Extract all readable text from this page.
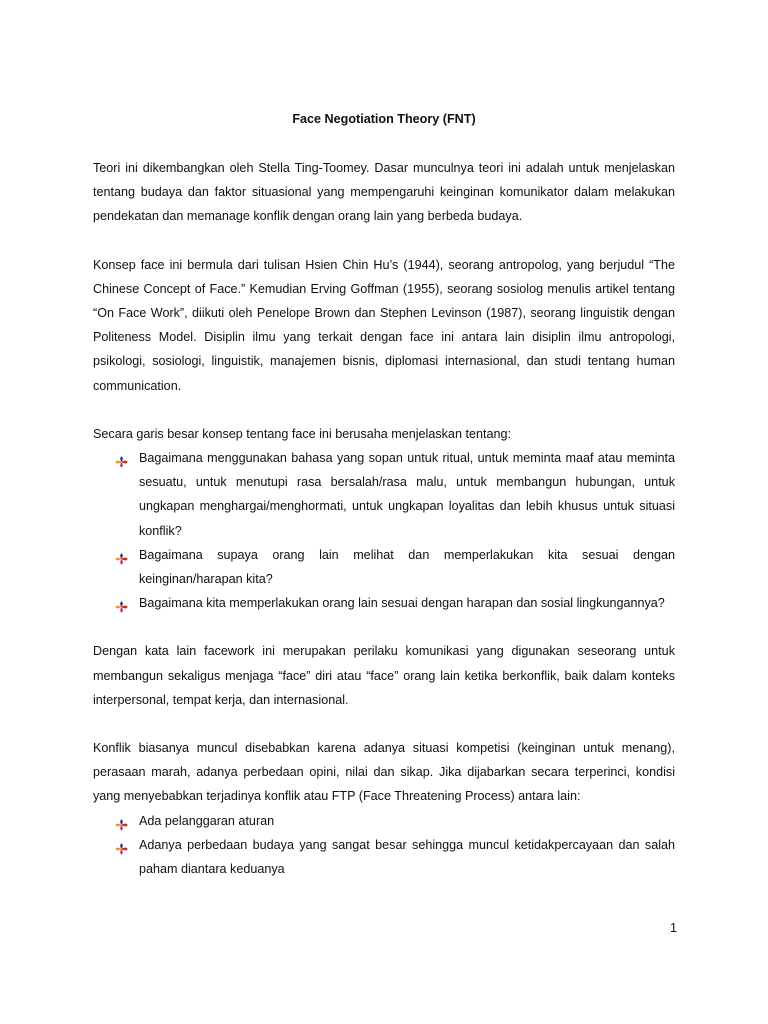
Face Negotiation Theory (FNT)

Teori ini dikembangkan oleh Stella Ting-Toomey. Dasar munculnya teori ini adalah untuk menjelaskan tentang budaya dan faktor situasional yang mempengaruhi keinginan komunikator dalam melakukan pendekatan dan memanage konflik dengan orang lain yang berbeda budaya.

Konsep face ini bermula dari tulisan Hsien Chin Hu’s (1944), seorang antropolog, yang berjudul “The Chinese Concept of Face.” Kemudian Erving Goffman (1955), seorang sosiolog menulis artikel tentang “On Face Work”, diikuti oleh Penelope Brown dan Stephen Levinson (1987), seorang linguistik dengan Politeness Model. Disiplin ilmu yang terkait dengan face ini antara lain disiplin ilmu antropologi, psikologi, sosiologi, linguistik, manajemen bisnis, diplomasi internasional, dan studi tentang human communication.

Secara garis besar konsep tentang face ini berusaha menjelaskan tentang:

Bagaimana menggunakan bahasa yang sopan untuk ritual, untuk meminta maaf atau meminta sesuatu, untuk menutupi rasa bersalah/rasa malu, untuk membangun hubungan, untuk ungkapan menghargai/menghormati, untuk ungkapan loyalitas dan lebih khusus untuk situasi konflik?
Bagaimana supaya orang lain melihat dan memperlakukan kita sesuai dengan keinginan/harapan kita?
Bagaimana kita memperlakukan orang lain sesuai dengan harapan dan sosial lingkungannya?

Dengan kata lain facework ini merupakan perilaku komunikasi yang digunakan seseorang untuk membangun sekaligus menjaga “face” diri atau “face” orang lain ketika berkonflik, baik dalam konteks interpersonal, tempat kerja, dan internasional.

Konflik biasanya muncul disebabkan karena adanya situasi kompetisi (keinginan untuk menang), perasaan marah, adanya perbedaan opini, nilai dan sikap. Jika dijabarkan secara terperinci, kondisi yang menyebabkan terjadinya konflik atau FTP (Face Threatening Process) antara lain:

Ada pelanggaran aturan
Adanya perbedaan budaya yang sangat besar sehingga muncul ketidakpercayaan dan salah paham diantara keduanya
1
